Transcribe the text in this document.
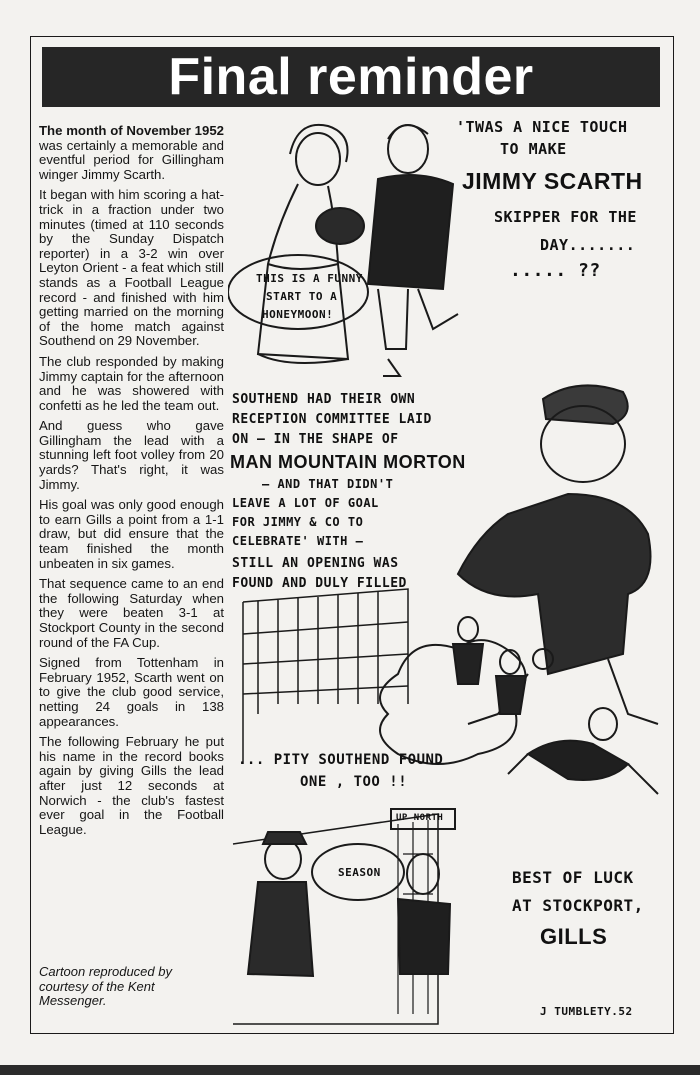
Final reminder

The month of November 1952 was certainly a memorable and eventful period for Gillingham winger Jimmy Scarth.

It began with him scoring a hat-trick in a fraction under two minutes (timed at 110 seconds by the Sunday Dispatch reporter) in a 3-2 win over Leyton Orient - a feat which still stands as a Football League record - and finished with him getting married on the morning of the home match against Southend on 29 November.

The club responded by making Jimmy captain for the afternoon and he was showered with confetti as he led the team out.

And guess who gave Gillingham the lead with a stunning left foot volley from 20 yards? That's right, it was Jimmy.

His goal was only good enough to earn Gills a point from a 1-1 draw, but did ensure that the team finished the month unbeaten in six games.

That sequence came to an end the following Saturday when they were beaten 3-1 at Stockport County in the second round of the FA Cup.

Signed from Tottenham in February 1952, Scarth went on to give the club good service, netting 24 goals in 138 appearances.

The following February he put his name in the record books again by giving Gills the lead after just 12 seconds at Norwich - the club's fastest ever goal in the Football League.

Cartoon reproduced by courtesy of the Kent Messenger.
'TWAS A NICE TOUCH
TO MAKE
JIMMY SCARTH
SKIPPER FOR THE
DAY.......
..... ??
THIS IS A FUNNY
START TO A
HONEYMOON!
SOUTHEND HAD THEIR OWN
RECEPTION COMMITTEE LAID
ON — IN THE SHAPE OF
MAN MOUNTAIN MORTON
— AND THAT DIDN'T
LEAVE A LOT OF GOAL
FOR JIMMY & CO TO
CELEBRATE' WITH —
STILL AN OPENING WAS
FOUND AND DULY FILLED
... PITY SOUTHEND FOUND
ONE , TOO !!
UP NORTH
SEASON	BEST OF LUCK
AT STOCKPORT,
GILLS
J TUMBLETY.52
